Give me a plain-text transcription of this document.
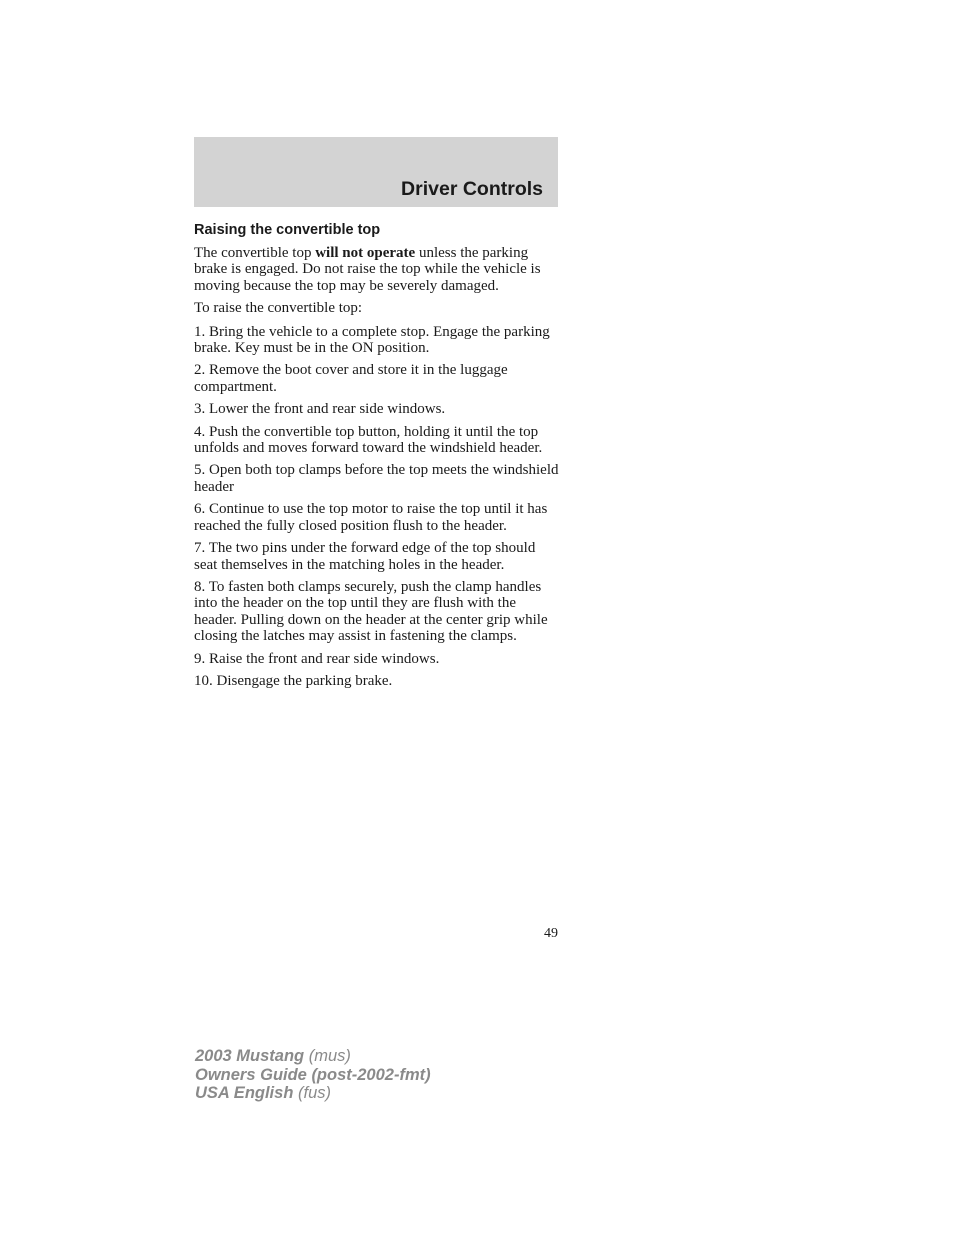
Driver Controls
Raising the convertible top

The convertible top will not operate unless the parking brake is engaged. Do not raise the top while the vehicle is moving because the top may be severely damaged.

To raise the convertible top:

1. Bring the vehicle to a complete stop. Engage the parking brake. Key must be in the ON position.

2. Remove the boot cover and store it in the luggage compartment.

3. Lower the front and rear side windows.

4. Push the convertible top button, holding it until the top unfolds and moves forward toward the windshield header.

5. Open both top clamps before the top meets the windshield header

6. Continue to use the top motor to raise the top until it has reached the fully closed position flush to the header.

7. The two pins under the forward edge of the top should seat themselves in the matching holes in the header.

8. To fasten both clamps securely, push the clamp handles into the header on the top until they are flush with the header. Pulling down on the header at the center grip while closing the latches may assist in fastening the clamps.

9. Raise the front and rear side windows.

10. Disengage the parking brake.

49
2003 Mustang (mus)
Owners Guide (post-2002-fmt)
USA English (fus)
